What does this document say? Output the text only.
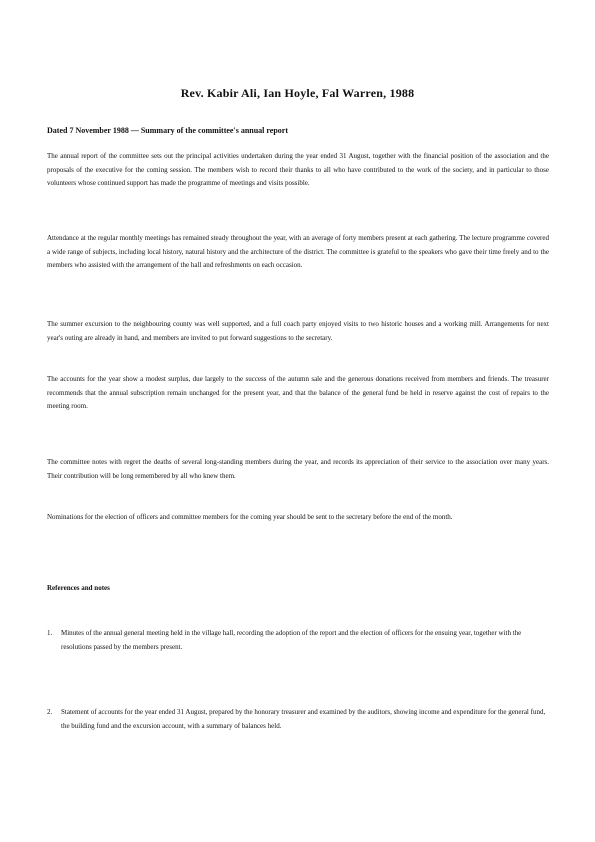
Rev. Kabir Ali, Ian Hoyle, Fal Warren, 1988
Dated 7 November 1988 — Summary of the committee's annual report

The annual report of the committee sets out the principal activities undertaken during the year ended 31 August, together with the financial position of the association and the proposals of the executive for the coming session. The members wish to record their thanks to all who have contributed to the work of the society, and in particular to those volunteers whose continued support has made the programme of meetings and visits possible.

Attendance at the regular monthly meetings has remained steady throughout the year, with an average of forty members present at each gathering. The lecture programme covered a wide range of subjects, including local history, natural history and the architecture of the district. The committee is grateful to the speakers who gave their time freely and to the members who assisted with the arrangement of the hall and refreshments on each occasion.

The summer excursion to the neighbouring county was well supported, and a full coach party enjoyed visits to two historic houses and a working mill. Arrangements for next year's outing are already in hand, and members are invited to put forward suggestions to the secretary.

The accounts for the year show a modest surplus, due largely to the success of the autumn sale and the generous donations received from members and friends. The treasurer recommends that the annual subscription remain unchanged for the present year, and that the balance of the general fund be held in reserve against the cost of repairs to the meeting room.

The committee notes with regret the deaths of several long-standing members during the year, and records its appreciation of their service to the association over many years. Their contribution will be long remembered by all who knew them.

Nominations for the election of officers and committee members for the coming year should be sent to the secretary before the end of the month.

References and notes
1.	Minutes of the annual general meeting held in the village hall, recording the adoption of the report and the election of officers for the ensuing year, together with the resolutions passed by the members present.
2.	Statement of accounts for the year ended 31 August, prepared by the honorary treasurer and examined by the auditors, showing income and expenditure for the general fund, the building fund and the excursion account, with a summary of balances held.
